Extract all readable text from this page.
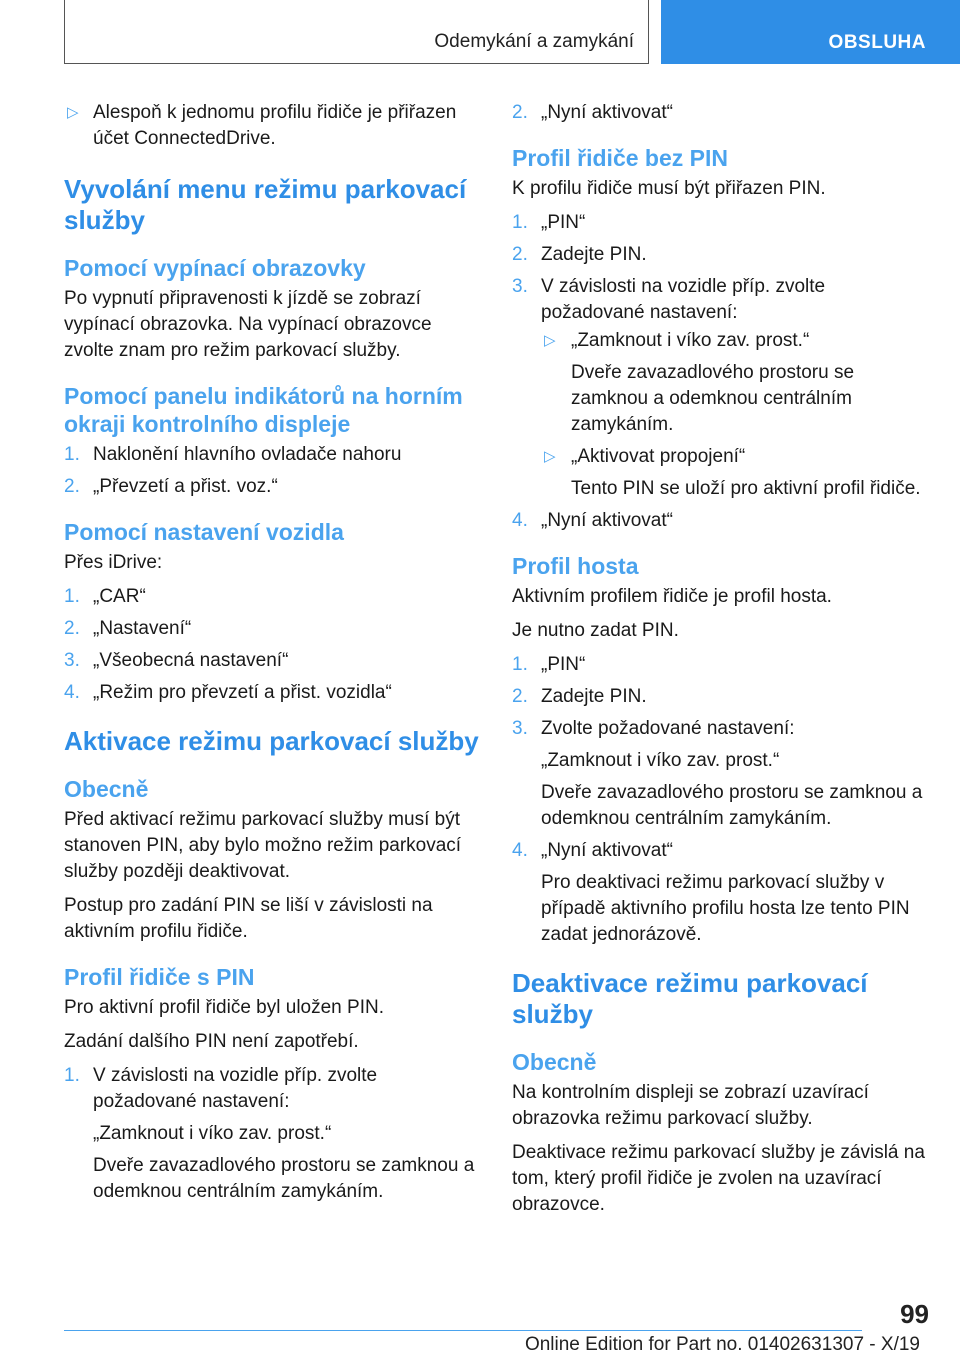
Odemykání a zamykání	OBSLUHA
▷ Alespoň k jednomu profilu řidiče je přiřazen účet ConnectedDrive.
Vyvolání menu režimu parkovací služby
Pomocí vypínací obrazovky

Po vypnutí připravenosti k jízdě se zobrazí vypínací obrazovka. Na vypínací obrazovce zvolte znam pro režim parkovací služby.

Pomocí panelu indikátorů na horním okraji kontrolního displeje
1. Naklonění hlavního ovladače nahoru
2. „Převzetí a přist. voz.“
Pomocí nastavení vozidla

Přes iDrive:

1. „CAR“
2. „Nastavení“
3. „Všeobecná nastavení“
4. „Režim pro převzetí a přist. vozidla“
Aktivace režimu parkovací služby
Obecně

Před aktivací režimu parkovací služby musí být stanoven PIN, aby bylo možno režim parkovací služby později deaktivovat.

Postup pro zadání PIN se liší v závislosti na aktivním profilu řidiče.

Profil řidiče s PIN

Pro aktivní profil řidiče byl uložen PIN.

Zadání dalšího PIN není zapotřebí.

1. V závislosti na vozidle příp. zvolte požadované nastavení:

„Zamknout i víko zav. prost.“

Dveře zavazadlového prostoru se zamknou a odemknou centrálním zamykáním.

2. „Nyní aktivovat“
Profil řidiče bez PIN

K profilu řidiče musí být přiřazen PIN.

1. „PIN“
2. Zadejte PIN.
3. V závislosti na vozidle příp. zvolte požadované nastavení:
▷ „Zamknout i víko zav. prost.“

Dveře zavazadlového prostoru se zamknou a odemknou centrálním zamykáním.

▷ „Aktivovat propojení“

Tento PIN se uloží pro aktivní profil řidiče.

4. „Nyní aktivovat“
Profil hosta

Aktivním profilem řidiče je profil hosta.

Je nutno zadat PIN.

1. „PIN“
2. Zadejte PIN.
3. Zvolte požadované nastavení:

„Zamknout i víko zav. prost.“

Dveře zavazadlového prostoru se zamknou a odemknou centrálním zamykáním.

4. „Nyní aktivovat“

Pro deaktivaci režimu parkovací služby v případě aktivního profilu hosta lze tento PIN zadat jednorázově.

Deaktivace režimu parkovací služby
Obecně

Na kontrolním displeji se zobrazí uzavírací obrazovka režimu parkovací služby.

Deaktivace režimu parkovací služby je závislá na tom, který profil řidiče je zvolen na uzavírací obrazovce.

99
Online Edition for Part no. 01402631307 - X/19
